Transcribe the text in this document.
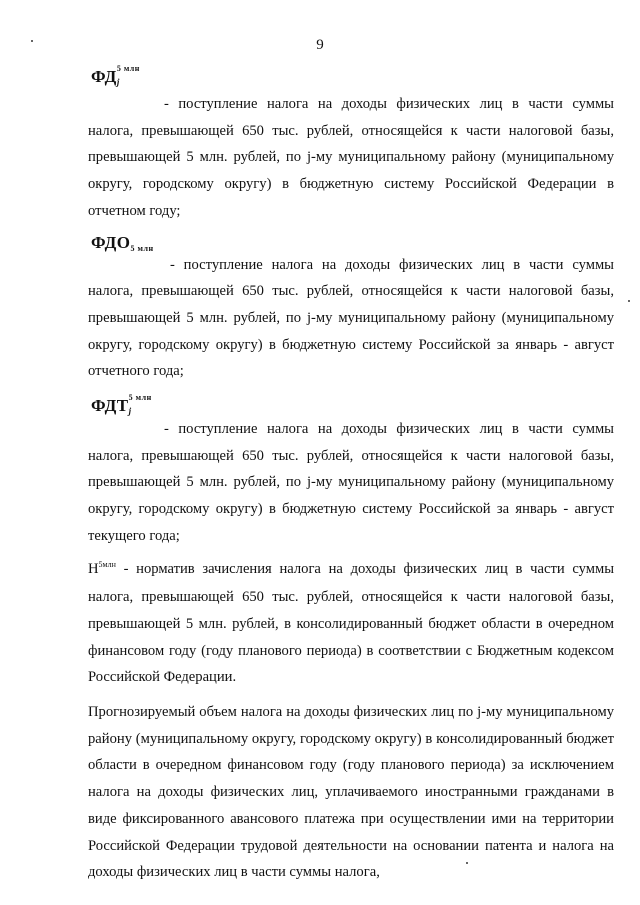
9
ФД 5 млн
j
- поступление налога на доходы физических лиц в части суммы
налога, превышающей 650 тыс. рублей, относящейся к части налоговой базы, превышающей 5 млн. рублей, по j-му муниципальному району (муниципальному округу, городскому округу) в бюджетную систему Российской Федерации в отчетном году;
$ФДО_{5 млн}$
- поступление налога на доходы физических лиц в части суммы
налога, превышающей 650 тыс. рублей, относящейся к части налоговой базы, превышающей 5 млн. рублей, по j-му муниципальному району (муниципальному округу, городскому округу) в бюджетную систему Российской за январь - август отчетного года;
ФДТ 5 млн
j
- поступление налога на доходы физических лиц в части суммы
налога, превышающей 650 тыс. рублей, относящейся к части налоговой базы, превышающей 5 млн. рублей, по j-му муниципальному району (муниципальному округу, городскому округу) в бюджетную систему Российской за январь - август текущего года;
$Н^{5млн}$ - норматив зачисления налога на доходы физических лиц в части суммы налога, превышающей 650 тыс. рублей, относящейся к части налоговой базы, превышающей 5 млн. рублей, в консолидированный бюджет области в очередном финансовом году (году планового периода) в соответствии с Бюджетным кодексом Российской Федерации.
Прогнозируемый объем налога на доходы физических лиц по j-му муниципальному району (муниципальному округу, городскому округу) в консолидированный бюджет области в очередном финансовом году (году планового периода) за исключением налога на доходы физических лиц, уплачиваемого иностранными гражданами в виде фиксированного авансового платежа при осуществлении ими на территории Российской Федерации трудовой деятельности на основании патента и налога на доходы физических лиц в части суммы налога,
